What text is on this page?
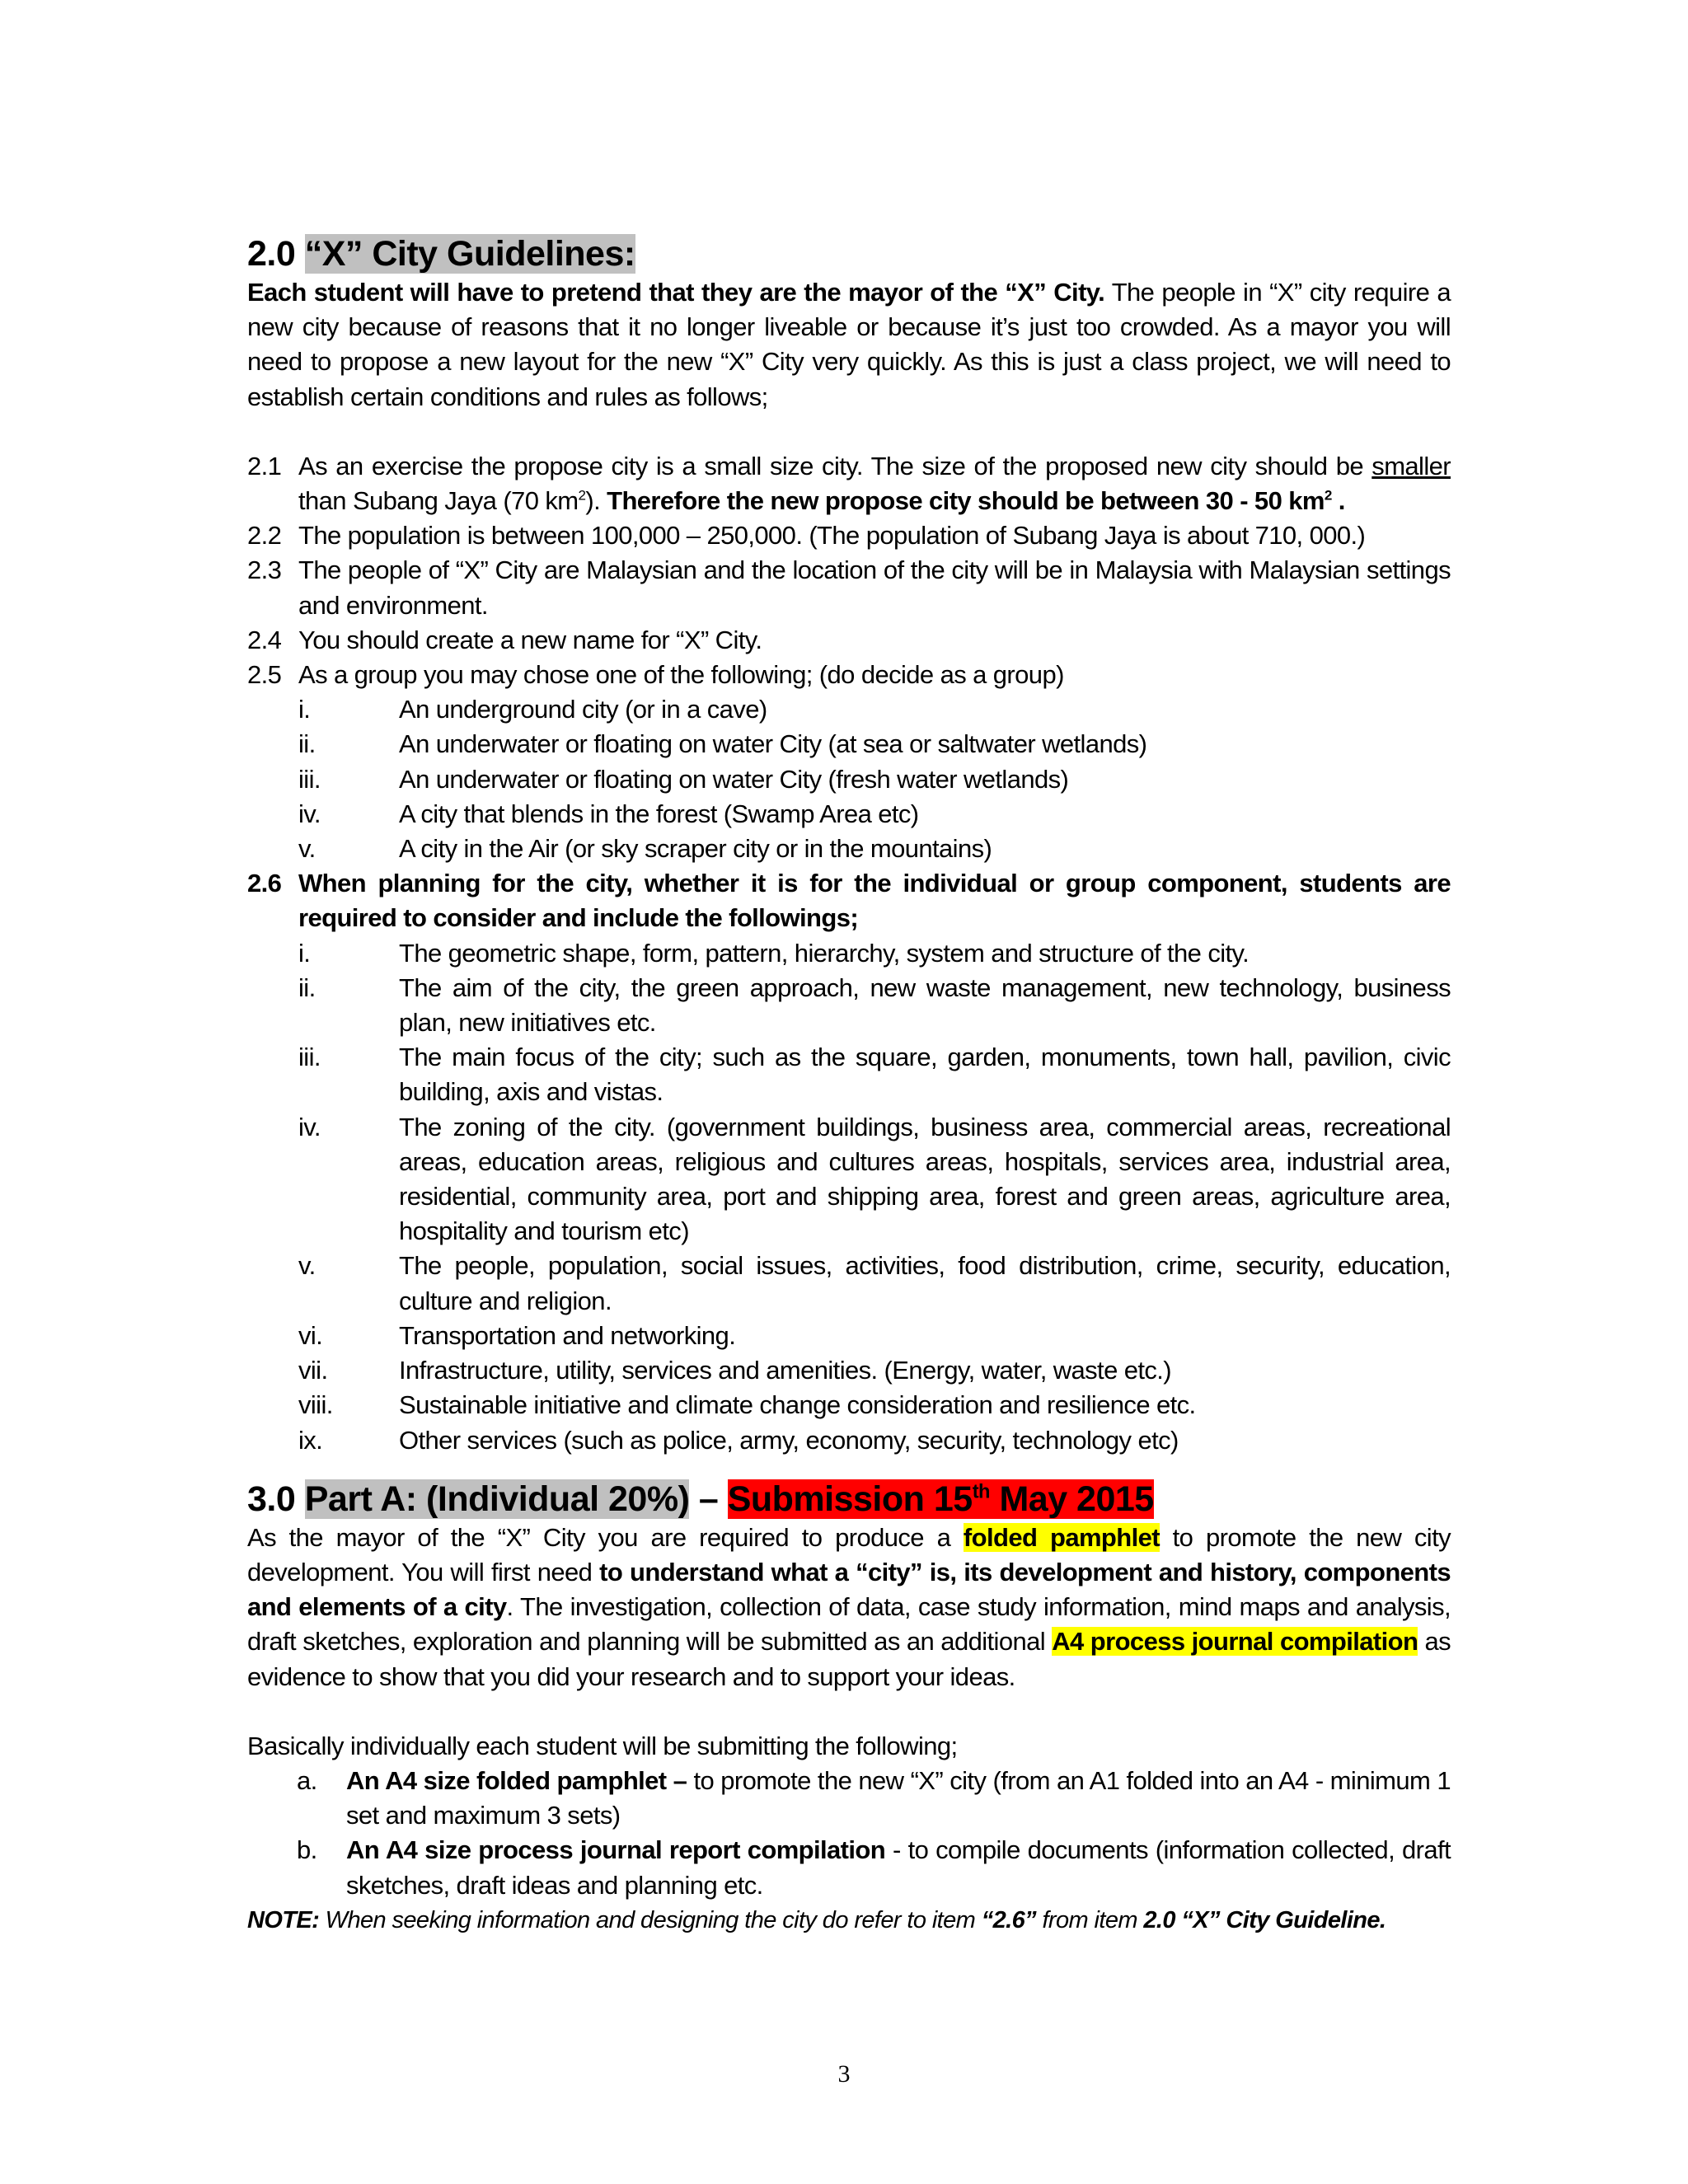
2.0 “X” City Guidelines:

Each student will have to pretend that they are the mayor of the “X” City. The people in “X” city require a new city because of reasons that it no longer liveable or because it’s just too crowded. As a mayor you will need to propose a new layout for the new “X” City very quickly. As this is just a class project, we will need to establish certain conditions and rules as follows;

2.1 As an exercise the propose city is a small size city. The size of the proposed new city should be smaller than Subang Jaya (70 $km^2$). Therefore the new propose city should be between 30 - 50 $km^2$ .
2.2 The population is between 100,000 – 250,000. (The population of Subang Jaya is about 710, 000.)
2.3 The people of “X” City are Malaysian and the location of the city will be in Malaysia with Malaysian settings and environment.
2.4 You should create a new name for “X” City.
2.5 As a group you may chose one of the following; (do decide as a group)
i.	An underground city (or in a cave)
ii.	An underwater or floating on water City (at sea or saltwater wetlands)
iii.	An underwater or floating on water City (fresh water wetlands)
iv.	A city that blends in the forest (Swamp Area etc)
v.	A city in the Air (or sky scraper city or in the mountains)
2.6 When planning for the city, whether it is for the individual or group component, students are required to consider and include the followings;
i.	The geometric shape, form, pattern, hierarchy, system and structure of the city.
ii.	The aim of the city, the green approach, new waste management, new technology, business plan, new initiatives etc.
iii.	The main focus of the city; such as the square, garden, monuments, town hall, pavilion, civic building, axis and vistas.
iv.	The zoning of the city. (government buildings, business area, commercial areas, recreational areas, education areas, religious and cultures areas, hospitals, services area, industrial area, residential, community area, port and shipping area, forest and green areas, agriculture area, hospitality and tourism etc)
v.	The people, population, social issues, activities, food distribution, crime, security, education, culture and religion.
vi.	Transportation and networking.
vii.	Infrastructure, utility, services and amenities. (Energy, water, waste etc.)
viii.	Sustainable initiative and climate change consideration and resilience etc.
ix.	Other services (such as police, army, economy, security, technology etc)

3.0 Part A: (Individual 20%) – Submission 15th May 2015

As the mayor of the “X” City you are required to produce a folded pamphlet to promote the new city development. You will first need to understand what a “city” is, its development and history, components and elements of a city. The investigation, collection of data, case study information, mind maps and analysis, draft sketches, exploration and planning will be submitted as an additional A4 process journal compilation as evidence to show that you did your research and to support your ideas.

Basically individually each student will be submitting the following;

a.	An A4 size folded pamphlet – to promote the new “X” city (from an A1 folded into an A4 - minimum 1 set and maximum 3 sets)
b.	An A4 size process journal report compilation - to compile documents (information collected, draft sketches, draft ideas and planning etc.

NOTE: When seeking information and designing the city do refer to item “2.6” from item 2.0 “X” City Guideline.

3
